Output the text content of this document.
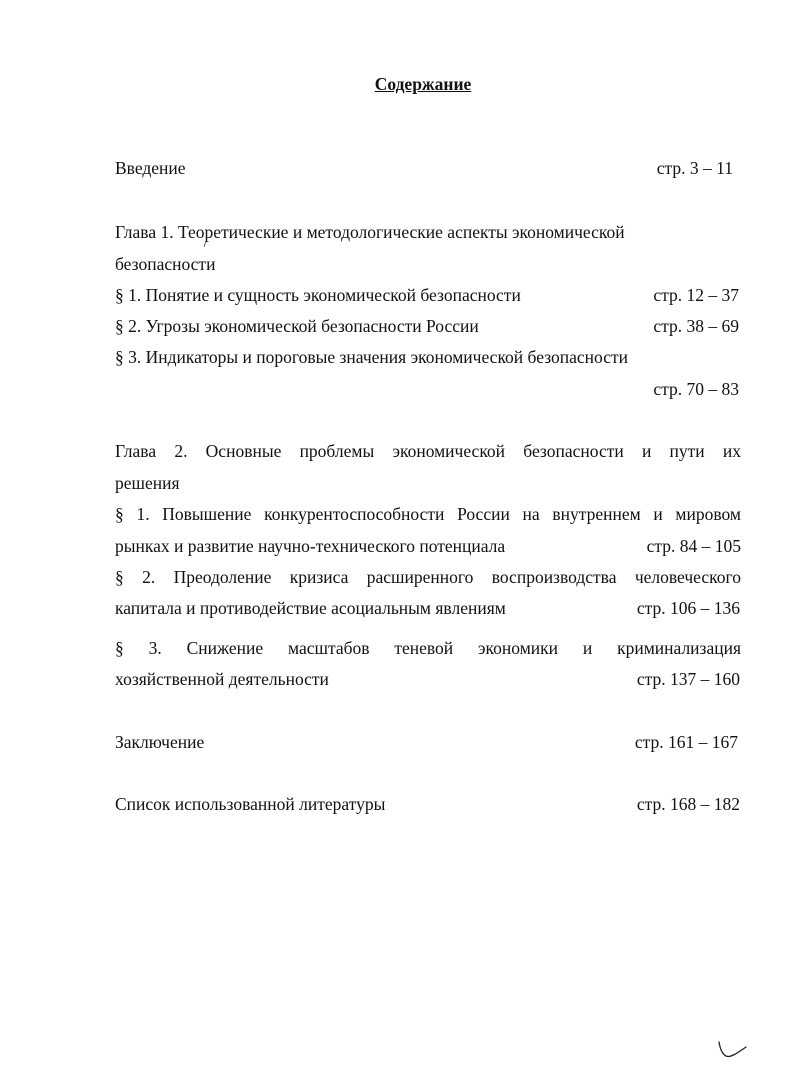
Содержание
Введение	стр. 3 – 11
Глава 1. Теоретические и методологические аспекты экономической
безопасности
§ 1. Понятие и сущность экономической безопасности	стр. 12 – 37
§ 2. Угрозы экономической безопасности России	стр. 38 – 69
§ 3. Индикаторы и пороговые значения экономической безопасности
стр. 70 – 83
Глава 2. Основные проблемы экономической безопасности и пути их
решения
§ 1. Повышение конкурентоспособности России на внутреннем и мировом
рынках и развитие научно-технического потенциала	стр. 84 – 105
§ 2. Преодоление кризиса расширенного воспроизводства человеческого
капитала и противодействие асоциальным явлениям	стр. 106 – 136
§ 3. Снижение масштабов теневой экономики и криминализация
хозяйственной деятельности	стр. 137 – 160
Заключение	стр. 161 – 167
Список использованной литературы	стр. 168 – 182
